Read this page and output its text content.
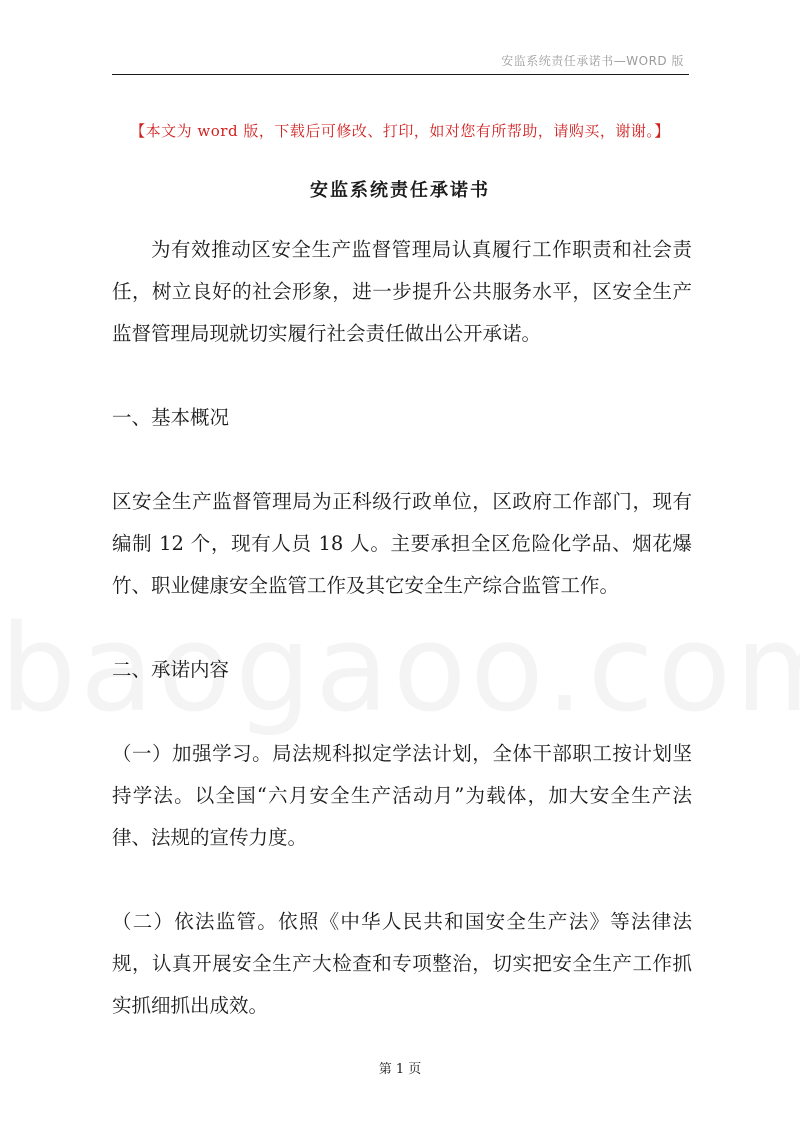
安监系统责任承诺书—WORD 版
【本文为 word 版，下载后可修改、打印，如对您有所帮助，请购买，谢谢。】
安监系统责任承诺书
为有效推动区安全生产监督管理局认真履行工作职责和社会责任，树立良好的社会形象，进一步提升公共服务水平，区安全生产监督管理局现就切实履行社会责任做出公开承诺。
一、基本概况
区安全生产监督管理局为正科级行政单位，区政府工作部门，现有编制 12 个，现有人员 18 人。主要承担全区危险化学品、烟花爆竹、职业健康安全监管工作及其它安全生产综合监管工作。
二、承诺内容
（一）加强学习。局法规科拟定学法计划，全体干部职工按计划坚持学法。以全国“六月安全生产活动月”为载体，加大安全生产法律、法规的宣传力度。
（二）依法监管。依照《中华人民共和国安全生产法》等法律法规，认真开展安全生产大检查和专项整治，切实把安全生产工作抓实抓细抓出成效。
第 1 页
